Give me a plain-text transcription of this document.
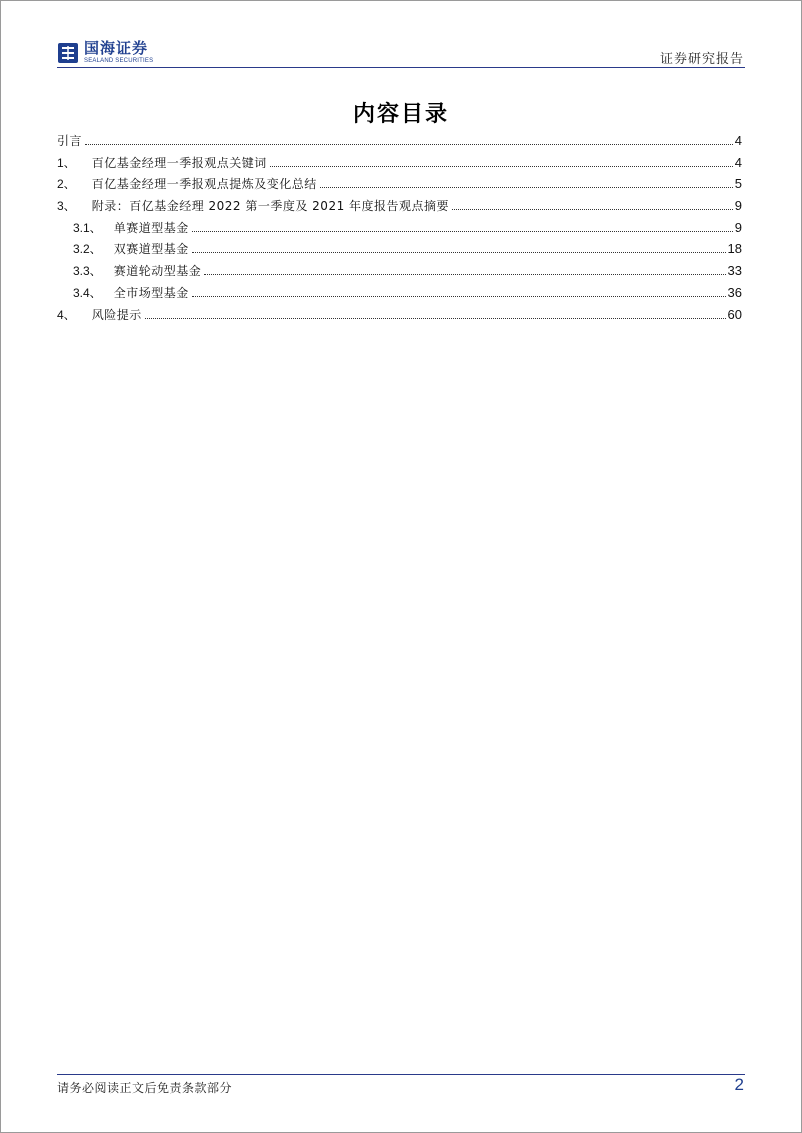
国海证券
SEALAND SECURITIES	证券研究报告
内容目录
引言	4
1、 百亿基金经理一季报观点关键词	4
2、 百亿基金经理一季报观点提炼及变化总结	5
3、 附录：百亿基金经理 2022 第一季度及 2021 年度报告观点摘要	9
3.1、 单赛道型基金	9
3.2、 双赛道型基金	18
3.3、 赛道轮动型基金	33
3.4、 全市场型基金	36
4、 风险提示	60
请务必阅读正文后免责条款部分	2
